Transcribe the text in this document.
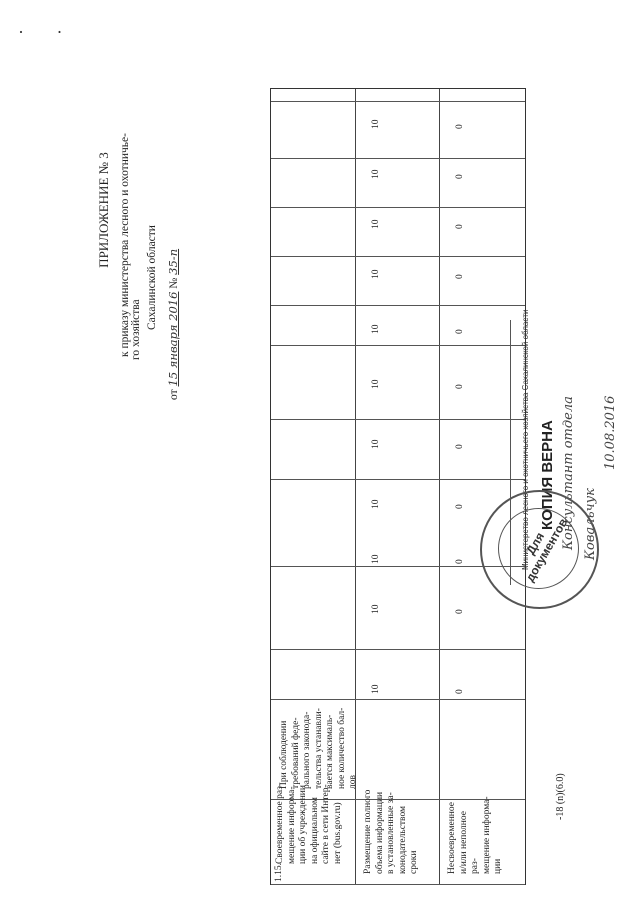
· ·
ПРИЛОЖЕНИЕ № 3 к приказу министерства лесного и охотничье- го хозяйства Сахалинской области
от 15 января 2016 № 35-п
1.15.
Своевременное раз-
мещение информа-
ции об учреждении
на официальном
сайте в сети Интер-
нет (bus.gov.ru)
При соблюдении
требований феде-
рального законода-
тельства устанавли-
вается максималь-
ное количество бал-
лов
Размещение полного
объема информации
в установленные за-
конодательством
сроки
10
10
10
10
10
10
10
10
10
10
10
Несвоевременное
и/или неполное раз-
мещение информа-
ции
0
0
0
0
0
0
0
0
0
0
0
Министерство лесного и охотничьего хозяйства Сахалинской области КОПИЯ ВЕРНА Консультант отдела Ковальчук
10.08.2016
Для
документов
-18 (n)(6.0)
